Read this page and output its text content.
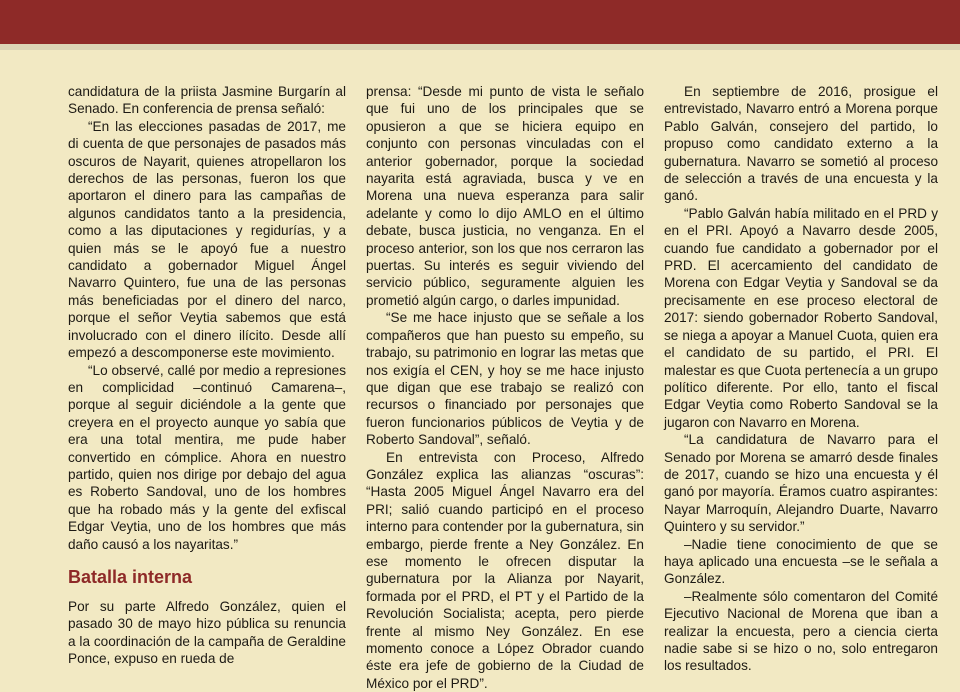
candidatura de la priista Jasmine Burgarín al Senado. En conferencia de prensa señaló:

“En las elecciones pasadas de 2017, me di cuenta de que personajes de pasados más oscuros de Nayarit, quienes atropellaron los derechos de las personas, fueron los que aportaron el dinero para las campañas de algunos candidatos tanto a la presidencia, como a las diputaciones y regidurías, y a quien más se le apoyó fue a nuestro candidato a gobernador Miguel Ángel Navarro Quintero, fue una de las personas más beneficiadas por el dinero del narco, porque el señor Veytia sabemos que está involucrado con el dinero ilícito. Desde allí empezó a descomponerse este movimiento.

“Lo observé, callé por medio a represiones en complicidad –continuó Camarena–, porque al seguir diciéndole a la gente que creyera en el proyecto aunque yo sabía que era una total mentira, me pude haber convertido en cómplice. Ahora en nuestro partido, quien nos dirige por debajo del agua es Roberto Sandoval, uno de los hombres que ha robado más y la gente del exfiscal Edgar Veytia, uno de los hombres que más daño causó a los nayaritas.”

Batalla interna

Por su parte Alfredo González, quien el pasado 30 de mayo hizo pública su renuncia a la coordinación de la campaña de Geraldine Ponce, expuso en rueda de

prensa: “Desde mi punto de vista le señalo que fui uno de los principales que se opusieron a que se hiciera equipo en conjunto con personas vinculadas con el anterior gobernador, porque la sociedad nayarita está agraviada, busca y ve en Morena una nueva esperanza para salir adelante y como lo dijo AMLO en el último debate, busca justicia, no venganza. En el proceso anterior, son los que nos cerraron las puertas. Su interés es seguir viviendo del servicio público, seguramente alguien les prometió algún cargo, o darles impunidad.

“Se me hace injusto que se señale a los compañeros que han puesto su empeño, su trabajo, su patrimonio en lograr las metas que nos exigía el CEN, y hoy se me hace injusto que digan que ese trabajo se realizó con recursos o financiado por personajes que fueron funcionarios públicos de Veytia y de Roberto Sandoval”, señaló.

En entrevista con Proceso, Alfredo González explica las alianzas “oscuras”: “Hasta 2005 Miguel Ángel Navarro era del PRI; salió cuando participó en el proceso interno para contender por la gubernatura, sin embargo, pierde frente a Ney González. En ese momento le ofrecen disputar la gubernatura por la Alianza por Nayarit, formada por el PRD, el PT y el Partido de la Revolución Socialista; acepta, pero pierde frente al mismo Ney González. En ese momento conoce a López Obrador cuando éste era jefe de gobierno de la Ciudad de México por el PRD”.

En septiembre de 2016, prosigue el entrevistado, Navarro entró a Morena porque Pablo Galván, consejero del partido, lo propuso como candidato externo a la gubernatura. Navarro se sometió al proceso de selección a través de una encuesta y la ganó.

“Pablo Galván había militado en el PRD y en el PRI. Apoyó a Navarro desde 2005, cuando fue candidato a gobernador por el PRD. El acercamiento del candidato de Morena con Edgar Veytia y Sandoval se da precisamente en ese proceso electoral de 2017: siendo gobernador Roberto Sandoval, se niega a apoyar a Manuel Cuota, quien era el candidato de su partido, el PRI. El malestar es que Cuota pertenecía a un grupo político diferente. Por ello, tanto el fiscal Edgar Veytia como Roberto Sandoval se la jugaron con Navarro en Morena.

“La candidatura de Navarro para el Senado por Morena se amarró desde finales de 2017, cuando se hizo una encuesta y él ganó por mayoría. Éramos cuatro aspirantes: Nayar Marroquín, Alejandro Duarte, Navarro Quintero y su servidor.”

–Nadie tiene conocimiento de que se haya aplicado una encuesta –se le señala a González.

–Realmente sólo comentaron del Comité Ejecutivo Nacional de Morena que iban a realizar la encuesta, pero a ciencia cierta nadie sabe si se hizo o no, solo entregaron los resultados.
